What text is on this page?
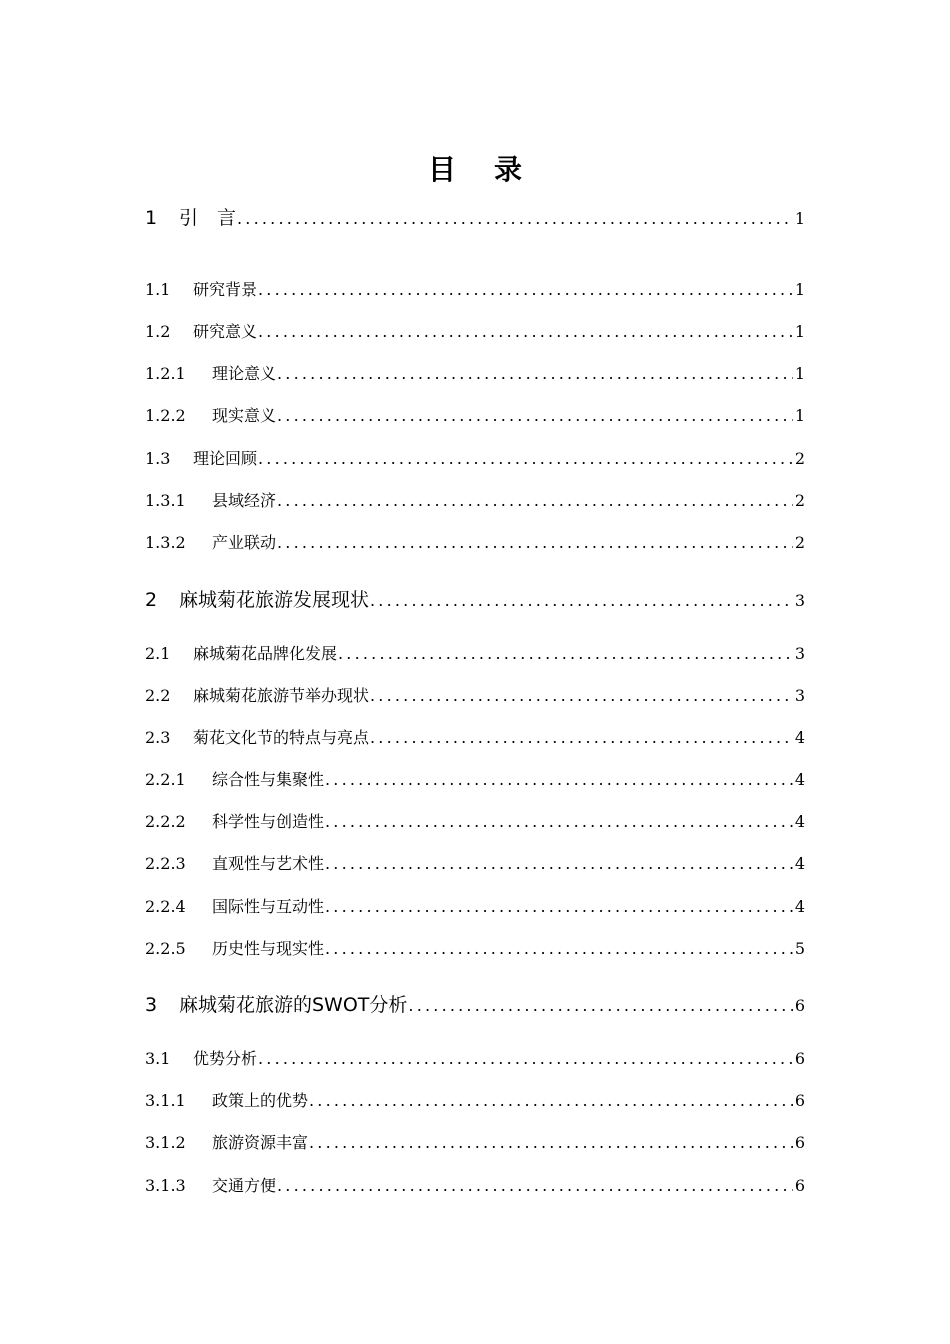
目 录
1	引　言 .....	1
1.1	研究背景 .....	1
1.2	研究意义 .....	1
1.2.1	理论意义 .....	1
1.2.2	现实意义 .....	1
1.3	理论回顾 .....	2
1.3.1	县域经济 .....	2
1.3.2	产业联动 .....	2
2	麻城菊花旅游发展现状 .....	3
2.1	麻城菊花品牌化发展 .....	3
2.2	麻城菊花旅游节举办现状 .....	3
2.3	菊花文化节的特点与亮点 .....	4
2.2.1	综合性与集聚性 .....	4
2.2.2	科学性与创造性 .....	4
2.2.3	直观性与艺术性 .....	4
2.2.4	国际性与互动性 .....	4
2.2.5	历史性与现实性 .....	5
3	麻城菊花旅游的SWOT分析 .....	6
3.1	优势分析 .....	6
3.1.1	政策上的优势 .....	6
3.1.2	旅游资源丰富 .....	6
3.1.3	交通方便 .....	6
